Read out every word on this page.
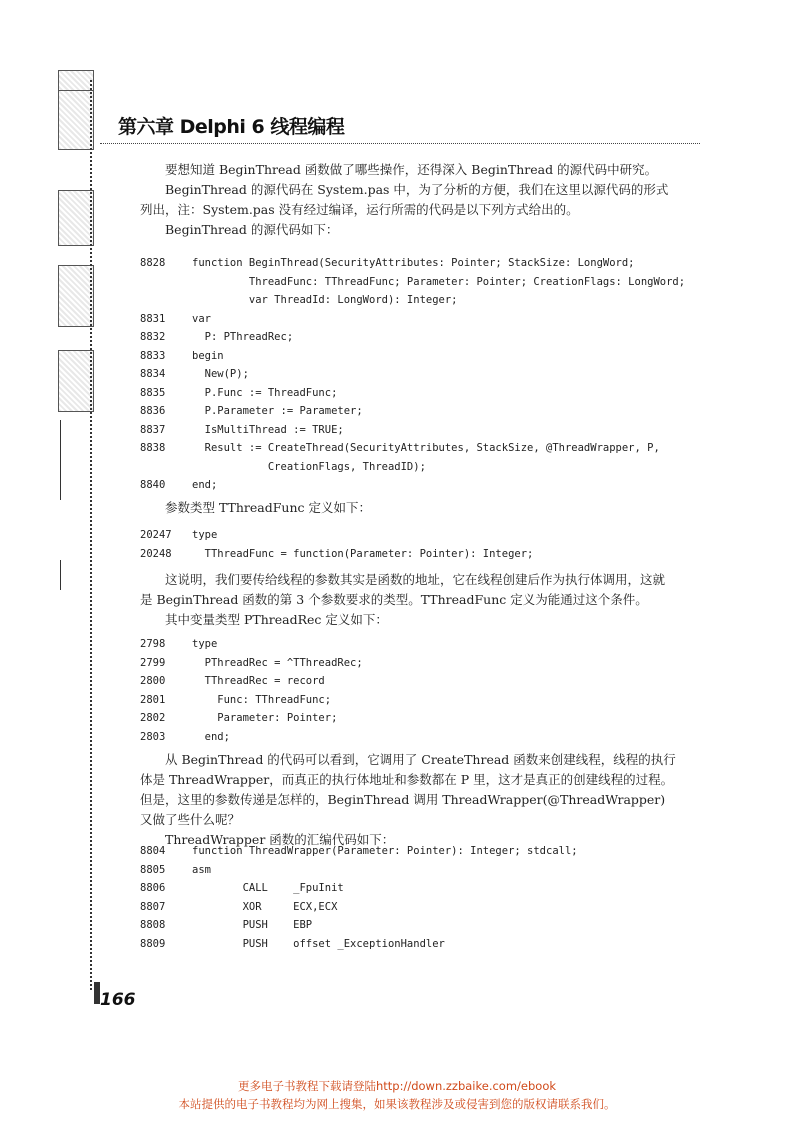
第六章 Delphi 6 线程编程

要想知道 BeginThread 函数做了哪些操作，还得深入 BeginThread 的源代码中研究。

BeginThread 的源代码在 System.pas 中，为了分析的方便，我们在这里以源代码的形式列出，注：System.pas 没有经过编译，运行所需的代码是以下列方式给出的。

BeginThread 的源代码如下：

8828	function BeginThread(SecurityAttributes: Pointer; StackSize: LongWord;
ThreadFunc: TThreadFunc; Parameter: Pointer; CreationFlags: LongWord;
var ThreadId: LongWord): Integer;
8831	var
8832	P: PThreadRec;
8833	begin
8834	New(P);
8835	P.Func := ThreadFunc;
8836	P.Parameter := Parameter;
8837	IsMultiThread := TRUE;
8838	Result := CreateThread(SecurityAttributes, StackSize, @ThreadWrapper, P,
CreationFlags, ThreadID);
8840	end;

参数类型 TThreadFunc 定义如下：

20247 type
20248  TThreadFunc = function(Parameter: Pointer): Integer;

这说明，我们要传给线程的参数其实是函数的地址，它在线程创建后作为执行体调用，这就是 BeginThread 函数的第 3 个参数要求的类型。TThreadFunc 定义为能通过这个条件。

其中变量类型 PThreadRec 定义如下：

2798	type
2799	PThreadRec = ^TThreadRec;
2800	TThreadRec = record
2801	Func: TThreadFunc;
2802	Parameter: Pointer;
2803	end;

从 BeginThread 的代码可以看到，它调用了 CreateThread 函数来创建线程，线程的执行体是 ThreadWrapper，而真正的执行体地址和参数都在 P 里，这才是真正的创建线程的过程。但是，这里的参数传递是怎样的，BeginThread 调用 ThreadWrapper(@ThreadWrapper) 又做了些什么呢？

ThreadWrapper 函数的汇编代码如下：

8804	function ThreadWrapper(Parameter: Pointer): Integer; stdcall;
8805	asm
8806	CALL    _FpuInit
8807	XOR     ECX,ECX
8808	PUSH    EBP
8809	PUSH    offset _ExceptionHandler
166
更多电子书教程下载请登陆http://down.zzbaike.com/ebook
本站提供的电子书教程均为网上搜集，如果该教程涉及或侵害到您的版权请联系我们。
